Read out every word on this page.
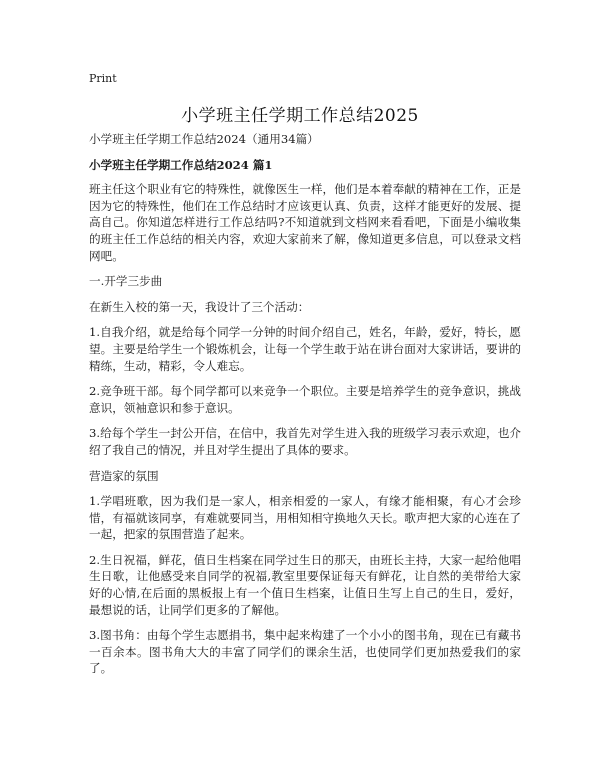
Print
小学班主任学期工作总结2025

小学班主任学期工作总结2024（通用34篇）

小学班主任学期工作总结2024 篇1

班主任这个职业有它的特殊性，就像医生一样，他们是本着奉献的精神在工作，正是因为它的特殊性，他们在工作总结时才应该更认真、负责，这样才能更好的发展、提高自己。你知道怎样进行工作总结吗?不知道就到文档网来看看吧，下面是小编收集的班主任工作总结的相关内容，欢迎大家前来了解，像知道更多信息，可以登录文档网吧。

一.开学三步曲

在新生入校的第一天，我设计了三个活动：

1.自我介绍，就是给每个同学一分钟的时间介绍自己，姓名，年龄，爱好，特长，愿望。主要是给学生一个锻炼机会，让每一个学生敢于站在讲台面对大家讲话，要讲的精练，生动，精彩，令人难忘。

2.竞争班干部。每个同学都可以来竞争一个职位。主要是培养学生的竞争意识，挑战意识，领袖意识和参于意识。

3.给每个学生一封公开信，在信中，我首先对学生进入我的班级学习表示欢迎，也介绍了我自己的情况，并且对学生提出了具体的要求。

营造家的氛围

1.学唱班歌，因为我们是一家人，相亲相爱的一家人，有缘才能相聚，有心才会珍惜，有福就该同享，有难就要同当，用相知相守换地久天长。歌声把大家的心连在了一起，把家的氛围营造了起来。

2.生日祝福，鲜花，值日生档案在同学过生日的那天，由班长主持，大家一起给他唱生日歌，让他感受来自同学的祝福,教室里要保证每天有鲜花，让自然的美带给大家好的心情,在后面的黑板报上有一个值日生档案，让值日生写上自己的生日，爱好，最想说的话，让同学们更多的了解他。

3.图书角：由每个学生志愿捐书，集中起来构建了一个小小的图书角，现在已有藏书一百余本。图书角大大的丰富了同学们的课余生活，也使同学们更加热爱我们的家了。
